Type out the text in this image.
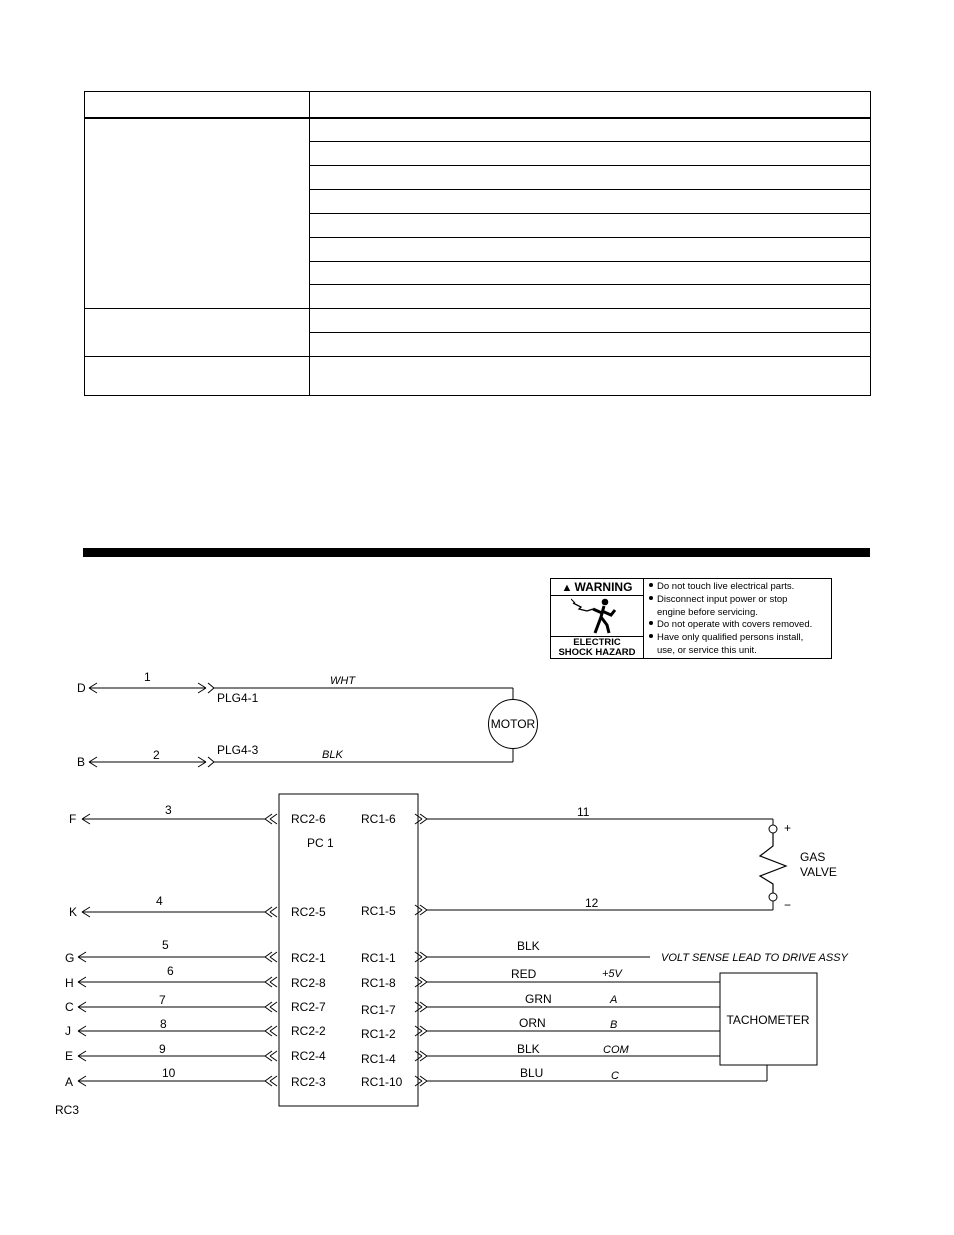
▲ WARNING
ELECTRIC
SHOCK HAZARD
Do not touch live electrical parts.
Disconnect input power or stop
engine before servicing.
Do not operate with covers removed.
Have only qualified persons install,
use, or service this unit.
D
1
PLG4-1
WHT
MOTOR
B	2	PLG4-3	BLK
PC 1
F
3
RC2-6	RC1-6	11
+
−
GAS
VALVE
K
4
RC2-5	RC1-5
12
G
5
RC2-1	RC1-1
BLK
VOLT SENSE LEAD TO DRIVE ASSY
TACHOMETER
H
6
RC2-8	RC1-8
RED	+5V
C	7	RC2-7	RC1-7
GRN	A
J	8	RC2-2	RC1-2
ORN	B
E	9	RC2-4	RC1-4
BLK	COM
A
10
RC2-3	RC1-10
BLU	C
RC3
